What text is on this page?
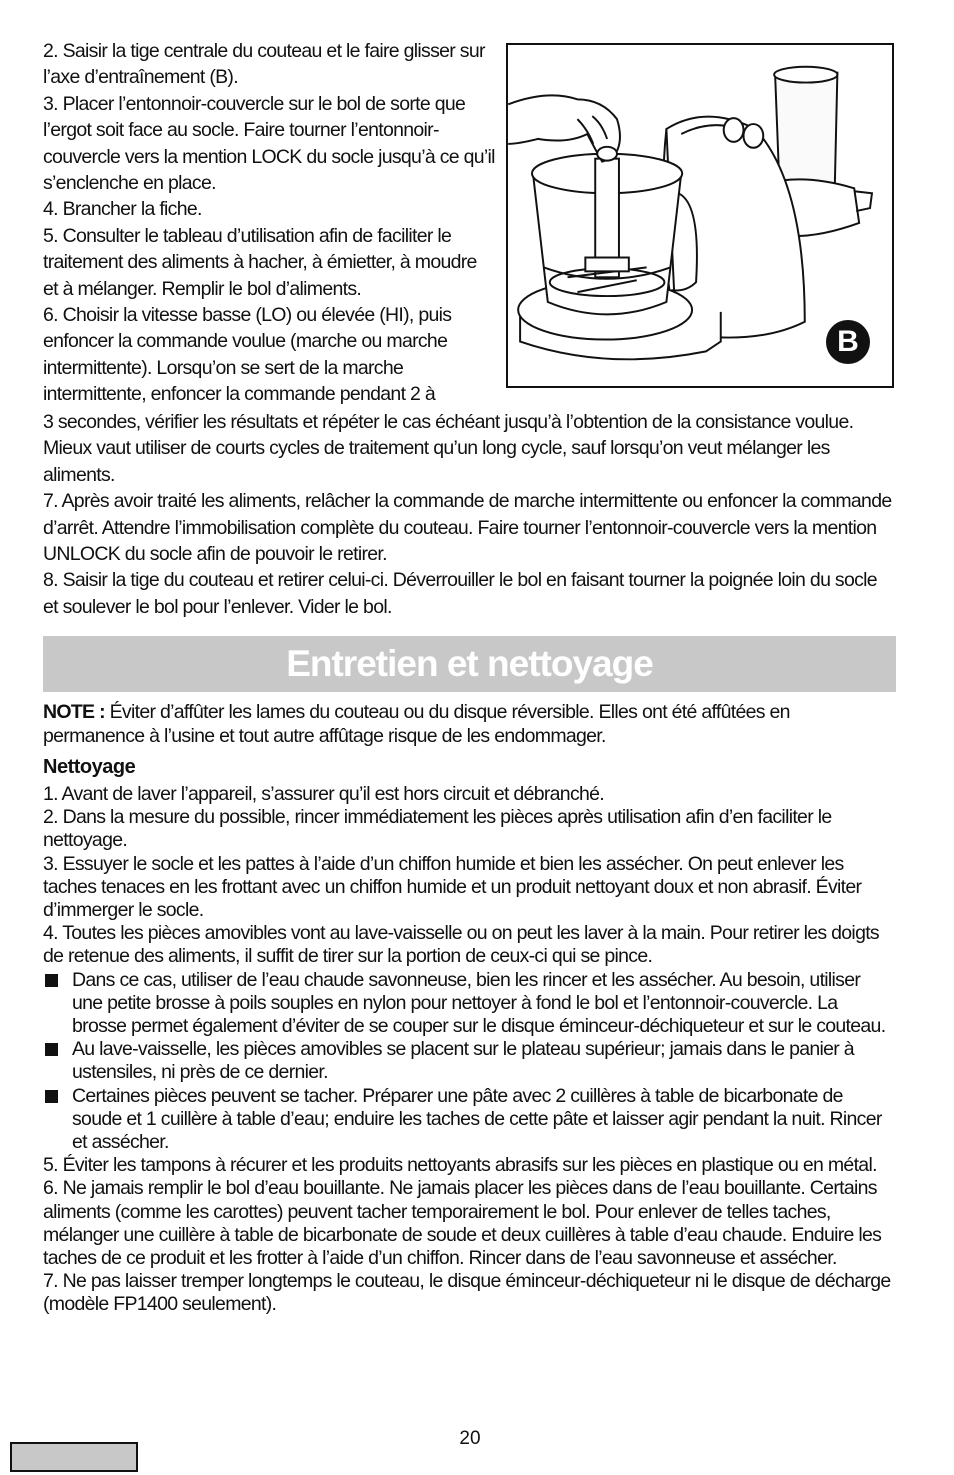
2. Saisir la tige centrale du couteau et le faire glisser sur l’axe d’entraînement (B).
3. Placer l’entonnoir-couvercle sur le bol de sorte que l’ergot soit face au socle. Faire tourner l’entonnoir-couvercle vers la mention LOCK du socle jusqu’à ce qu’il s’enclenche en place.
4. Brancher la fiche.
5. Consulter le tableau d’utilisation afin de faciliter le traitement des aliments à hacher, à émietter, à moudre et à mélanger. Remplir le bol d’aliments.
6. Choisir la vitesse basse (LO) ou élevée (HI), puis enfoncer la commande voulue (marche ou marche intermittente). Lorsqu’on se sert de la marche intermittente, enfoncer la commande pendant 2 à
B
3 secondes, vérifier les résultats et répéter le cas échéant jusqu’à l’obtention de la consistance voulue. Mieux vaut utiliser de courts cycles de traitement qu’un long cycle, sauf lorsqu’on veut mélanger les aliments.
7. Après avoir traité les aliments, relâcher la commande de marche intermittente ou enfoncer la commande d’arrêt. Attendre l’immobilisation complète du couteau. Faire tourner l’entonnoir-couvercle vers la mention UNLOCK du socle afin de pouvoir le retirer.
8. Saisir la tige du couteau et retirer celui-ci. Déverrouiller le bol en faisant tourner la poignée loin du socle et soulever le bol pour l’enlever. Vider le bol.
Entretien et nettoyage

NOTE : Éviter d’affûter les lames du couteau ou du disque réversible. Elles ont été affûtées en permanence à l’usine et tout autre affûtage risque de les endommager.

Nettoyage

1. Avant de laver l’appareil, s’assurer qu’il est hors circuit et débranché.

2. Dans la mesure du possible, rincer immédiatement les pièces après utilisation afin d’en faciliter le nettoyage.

3. Essuyer le socle et les pattes à l’aide d’un chiffon humide et bien les assécher. On peut enlever les taches tenaces en les frottant avec un chiffon humide et un produit nettoyant doux et non abrasif. Éviter d’immerger le socle.

4. Toutes les pièces amovibles vont au lave-vaisselle ou on peut les laver à la main. Pour retirer les doigts de retenue des aliments, il suffit de tirer sur la portion de ceux-ci qui se pince.

Dans ce cas, utiliser de l’eau chaude savonneuse, bien les rincer et les assécher. Au besoin, utiliser une petite brosse à poils souples en nylon pour nettoyer à fond le bol et l’entonnoir-couvercle. La brosse permet également d’éviter de se couper sur le disque éminceur-déchiqueteur et sur le couteau.
Au lave-vaisselle, les pièces amovibles se placent sur le plateau supérieur; jamais dans le panier à ustensiles, ni près de ce dernier.
Certaines pièces peuvent se tacher. Préparer une pâte avec 2 cuillères à table de bicarbonate de soude et 1 cuillère à table d’eau; enduire les taches de cette pâte et laisser agir pendant la nuit. Rincer et assécher.

5. Éviter les tampons à récurer et les produits nettoyants abrasifs sur les pièces en plastique ou en métal.

6. Ne jamais remplir le bol d’eau bouillante. Ne jamais placer les pièces dans de l’eau bouillante. Certains aliments (comme les carottes) peuvent tacher temporairement le bol. Pour enlever de telles taches, mélanger une cuillère à table de bicarbonate de soude et deux cuillères à table d’eau chaude. Enduire les taches de ce produit et les frotter à l’aide d’un chiffon. Rincer dans de l’eau savonneuse et assécher.

7. Ne pas laisser tremper longtemps le couteau, le disque éminceur-déchiqueteur ni le disque de décharge (modèle FP1400 seulement).

20
